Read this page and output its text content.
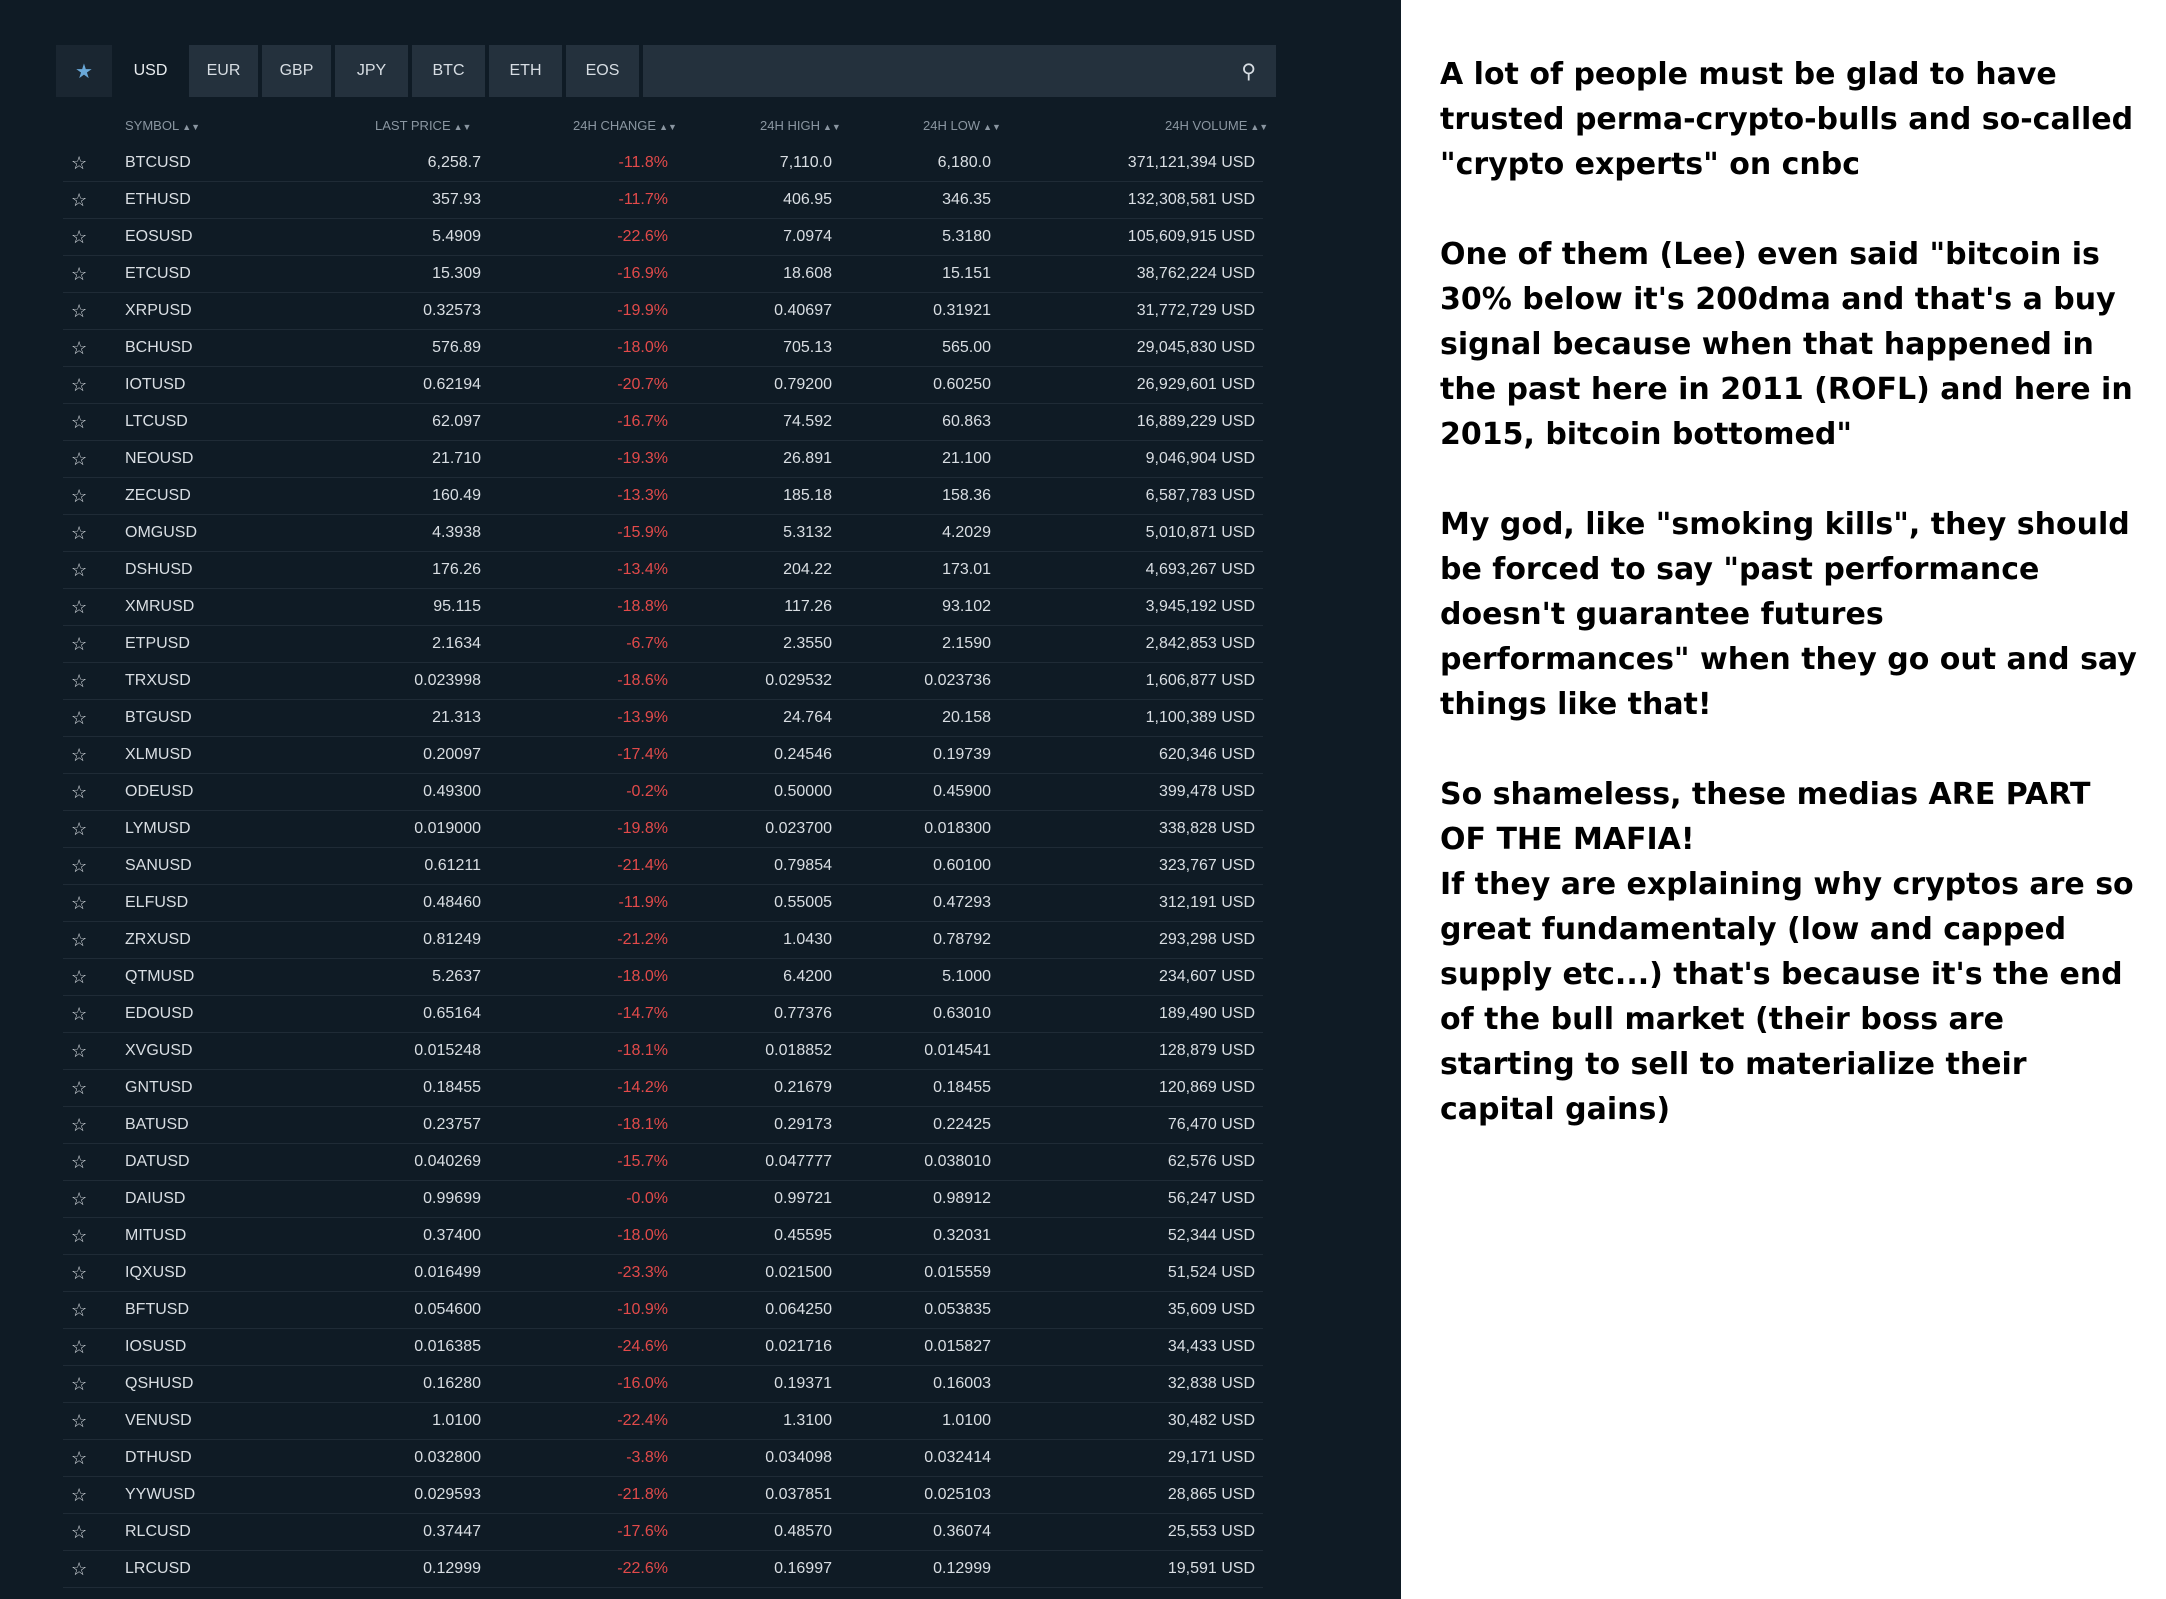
★	USD EUR GBP	JPY	BTC	ETH	EOS	⚲
SYMBOL ▲▼	LAST PRICE ▲▼	24H CHANGE ▲▼	24H HIGH ▲▼	24H LOW ▲▼	24H VOLUME ▲▼
☆ BTCUSD	6,258.7	-11.8%	7,110.0	6,180.0	371,121,394 USD
☆ ETHUSD	357.93	-11.7%	406.95	346.35	132,308,581 USD
☆ EOSUSD	5.4909	-22.6%	7.0974	5.3180	105,609,915 USD
☆ ETCUSD	15.309	-16.9%	18.608	15.151	38,762,224 USD
☆ XRPUSD	0.32573	-19.9%	0.40697	0.31921	31,772,729 USD
☆ BCHUSD	576.89	-18.0%	705.13	565.00	29,045,830 USD
☆ IOTUSD	0.62194	-20.7%	0.79200	0.60250	26,929,601 USD
☆ LTCUSD	62.097	-16.7%	74.592	60.863	16,889,229 USD
☆ NEOUSD	21.710	-19.3%	26.891	21.100	9,046,904 USD
☆ ZECUSD	160.49	-13.3%	185.18	158.36	6,587,783 USD
☆ OMGUSD	4.3938	-15.9%	5.3132	4.2029	5,010,871 USD
☆ DSHUSD	176.26	-13.4%	204.22	173.01	4,693,267 USD
☆ XMRUSD	95.115	-18.8%	117.26	93.102	3,945,192 USD
☆ ETPUSD	2.1634	-6.7%	2.3550	2.1590	2,842,853 USD
☆ TRXUSD	0.023998	-18.6%	0.029532	0.023736	1,606,877 USD
☆ BTGUSD	21.313	-13.9%	24.764	20.158	1,100,389 USD
☆ XLMUSD	0.20097	-17.4%	0.24546	0.19739	620,346 USD
☆ ODEUSD	0.49300	-0.2%	0.50000	0.45900	399,478 USD
☆ LYMUSD	0.019000	-19.8%	0.023700	0.018300	338,828 USD
☆ SANUSD	0.61211	-21.4%	0.79854	0.60100	323,767 USD
☆ ELFUSD	0.48460	-11.9%	0.55005	0.47293	312,191 USD
☆ ZRXUSD	0.81249	-21.2%	1.0430	0.78792	293,298 USD
☆ QTMUSD	5.2637	-18.0%	6.4200	5.1000	234,607 USD
☆ EDOUSD	0.65164	-14.7%	0.77376	0.63010	189,490 USD
☆ XVGUSD	0.015248	-18.1%	0.018852	0.014541	128,879 USD
☆ GNTUSD	0.18455	-14.2%	0.21679	0.18455	120,869 USD
☆ BATUSD	0.23757	-18.1%	0.29173	0.22425	76,470 USD
☆ DATUSD	0.040269	-15.7%	0.047777	0.038010	62,576 USD
☆ DAIUSD	0.99699	-0.0%	0.99721	0.98912	56,247 USD
☆ MITUSD	0.37400	-18.0%	0.45595	0.32031	52,344 USD
☆ IQXUSD	0.016499	-23.3%	0.021500	0.015559	51,524 USD
☆ BFTUSD	0.054600	-10.9%	0.064250	0.053835	35,609 USD
☆ IOSUSD	0.016385	-24.6%	0.021716	0.015827	34,433 USD
☆ QSHUSD	0.16280	-16.0%	0.19371	0.16003	32,838 USD
☆ VENUSD	1.0100	-22.4%	1.3100	1.0100	30,482 USD
☆ DTHUSD	0.032800	-3.8%	0.034098	0.032414	29,171 USD
☆ YYWUSD	0.029593	-21.8%	0.037851	0.025103	28,865 USD
☆ RLCUSD	0.37447	-17.6%	0.48570	0.36074	25,553 USD
☆ LRCUSD	0.12999	-22.6%	0.16997	0.12999	19,591 USD

A lot of people must be glad to have trusted perma-crypto-bulls and so-called "crypto experts" on cnbc

One of them (Lee) even said "bitcoin is 30% below it's 200dma and that's a buy signal because when that happened in the past here in 2011 (ROFL) and here in 2015, bitcoin bottomed"

My god, like "smoking kills", they should be forced to say "past performance doesn't guarantee futures performances" when they go out and say things like that!

So shameless, these medias ARE PART OF THE MAFIA!

If they are explaining why cryptos are so great fundamentaly (low and capped supply etc...) that's because it's the end of the bull market (their boss are starting to sell to materialize their capital gains)
